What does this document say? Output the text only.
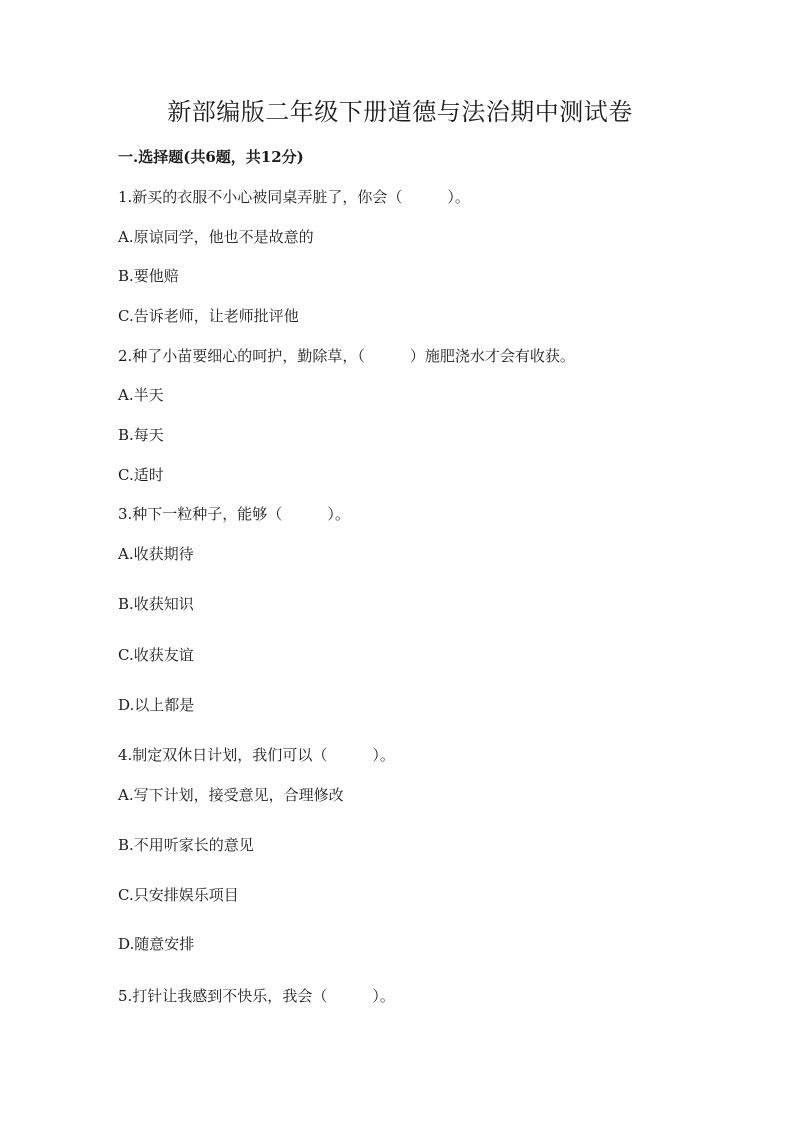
新部编版二年级下册道德与法治期中测试卷
一.选择题(共6题，共12分)
1.新买的衣服不小心被同桌弄脏了，你会（　　　）。
A.原谅同学，他也不是故意的
B.要他赔
C.告诉老师，让老师批评他
2.种了小苗要细心的呵护，勤除草，（　　　）施肥浇水才会有收获。
A.半天
B.每天
C.适时
3.种下一粒种子，能够（　　　）。
A.收获期待
B.收获知识
C.收获友谊
D.以上都是
4.制定双休日计划，我们可以（　　　）。
A.写下计划，接受意见，合理修改
B.不用听家长的意见
C.只安排娱乐项目
D.随意安排
5.打针让我感到不快乐，我会（　　　）。
